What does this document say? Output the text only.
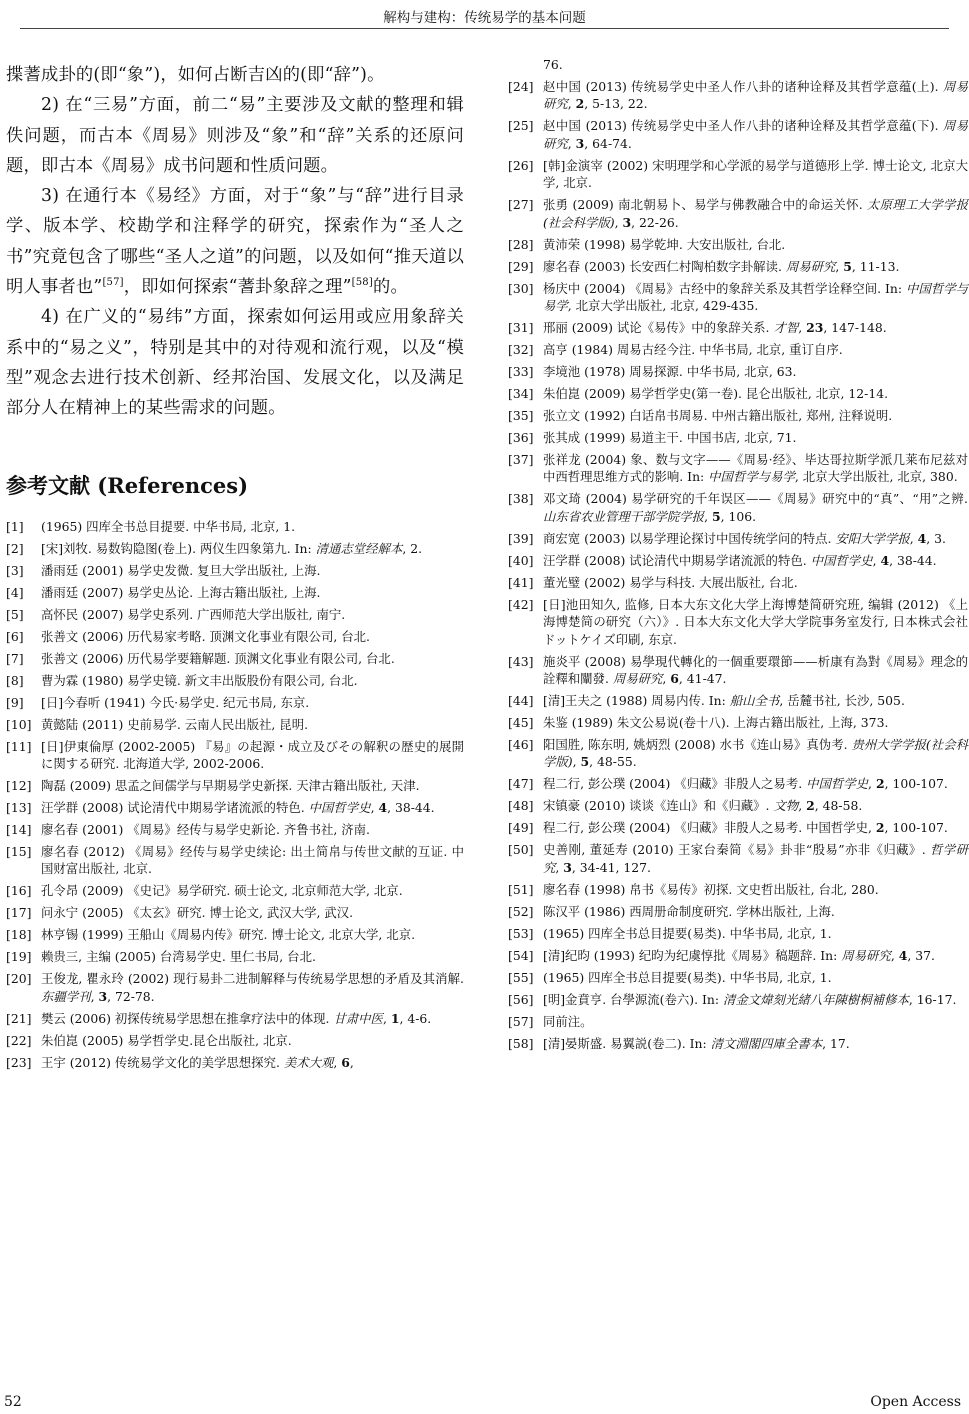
解构与建构：传统易学的基本问题

揲蓍成卦的(即“象”)，如何占断吉凶的(即“辞”)。

2) 在“三易”方面，前二“易”主要涉及文献的整理和辑佚问题，而古本《周易》则涉及“象”和“辞”关系的还原问题，即古本《周易》成书问题和性质问题。

3) 在通行本《易经》方面，对于“象”与“辞”进行目录学、版本学、校勘学和注释学的研究，探索作为“圣人之书”究竟包含了哪些“圣人之道”的问题，以及如何“推天道以明人事者也”[57]，即如何探索“蓍卦象辞之理”[58]的。

4) 在广义的“易纬”方面，探索如何运用或应用象辞关系中的“易之义”，特别是其中的对待观和流行观，以及“模型”观念去进行技术创新、经邦治国、发展文化，以及满足部分人在精神上的某些需求的问题。

参考文献 (References)
[1]	(1965) 四库全书总目提要. 中华书局, 北京, 1.
[2]	[宋]刘牧. 易数钩隐图(卷上). 两仪生四象第九. In: 清通志堂经解本, 2.
[3]	潘雨廷 (2001) 易学史发微. 复旦大学出版社, 上海.
[4]	潘雨廷 (2007) 易学史丛论. 上海古籍出版社, 上海.
[5]	高怀民 (2007) 易学史系列. 广西师范大学出版社, 南宁.
[6]	张善文 (2006) 历代易家考略. 顶渊文化事业有限公司, 台北.
[7]	张善文 (2006) 历代易学要籍解题. 顶渊文化事业有限公司, 台北.
[8]	曹为霖 (1980) 易学史镜. 新文丰出版股份有限公司, 台北.
[9]	[日]今春听 (1941) 今氏·易学史. 纪元书局, 东京.
[10] 黄懿陆 (2011) 史前易学. 云南人民出版社, 昆明.
[11] [日]伊東倫厚 (2002-2005) 『易』の起源・成立及びその解釈の歴史的展開に関する研究. 北海道大学, 2002-2006.
[12] 陶磊 (2009) 思孟之间儒学与早期易学史新探. 天津古籍出版社, 天津.
[13] 汪学群 (2008) 试论清代中期易学诸流派的特色. 中国哲学史, 4, 38-44.
[14] 廖名春 (2001) 《周易》经传与易学史新论. 齐鲁书社, 济南.
[15] 廖名春 (2012) 《周易》经传与易学史续论: 出土简帛与传世文献的互证. 中国财富出版社, 北京.
[16] 孔令昂 (2009) 《史记》易学研究. 硕士论文, 北京师范大学, 北京.
[17] 问永宁 (2005) 《太玄》研究. 博士论文, 武汉大学, 武汉.
[18] 林亨锡 (1999) 王船山《周易内传》研究. 博士论文, 北京大学, 北京.
[19] 赖贵三, 主编 (2005) 台湾易学史. 里仁书局, 台北.
[20] 王俊龙, 瞿永玲 (2002) 现行易卦二进制解释与传统易学思想的矛盾及其消解. 东疆学刊, 3, 72-78.
[21] 樊云 (2006) 初探传统易学思想在推拿疗法中的体现. 甘肃中医, 1, 4-6.
[22] 朱伯崑 (2005) 易学哲学史.昆仑出版社, 北京.
[23] 王宇 (2012) 传统易学文化的美学思想探究. 美术大观, 6,
76.
[24] 赵中国 (2013) 传统易学史中圣人作八卦的诸种诠释及其哲学意蕴(上). 周易研究, 2, 5-13, 22.
[25] 赵中国 (2013) 传统易学史中圣人作八卦的诸种诠释及其哲学意蕴(下). 周易研究, 3, 64-74.
[26] [韩]金演宰 (2002) 宋明理学和心学派的易学与道德形上学. 博士论文, 北京大学, 北京.
[27] 张勇 (2009) 南北朝易卜、易学与佛教融合中的命运关怀. 太原理工大学学报(社会科学版), 3, 22-26.
[28] 黄沛荣 (1998) 易学乾坤. 大安出版社, 台北.
[29] 廖名春 (2003) 长安西仁村陶柏数字卦解读. 周易研究, 5, 11-13.
[30] 杨庆中 (2004) 《周易》古经中的象辞关系及其哲学诠释空间. In: 中国哲学与易学, 北京大学出版社, 北京, 429-435.
[31] 邢丽 (2009) 试论《易传》中的象辞关系. 才智, 23, 147-148.
[32] 高亨 (1984) 周易古经今注. 中华书局, 北京, 重订自序.
[33] 李境池 (1978) 周易探源. 中华书局, 北京, 63.
[34] 朱伯崑 (2009) 易学哲学史(第一卷). 昆仑出版社, 北京, 12-14.
[35] 张立文 (1992) 白话帛书周易. 中州古籍出版社, 郑州, 注释说明.
[36] 张其成 (1999) 易道主干. 中国书店, 北京, 71.
[37] 张祥龙 (2004) 象、数与文字——《周易·经》、毕达哥拉斯学派几莱布尼兹对中西哲理思维方式的影响. In: 中国哲学与易学, 北京大学出版社, 北京, 380.
[38] 邓文琦 (2004) 易学研究的千年误区——《周易》研究中的“真”、“用”之辨. 山东省农业管理干部学院学报, 5, 106.
[39] 商宏宽 (2003) 以易学理论探讨中国传统学问的特点. 安阳大学学报, 4, 3.
[40] 汪学群 (2008) 试论清代中期易学诸流派的特色. 中国哲学史, 4, 38-44.
[41] 董光璧 (2002) 易学与科技. 大展出版社, 台北.
[42] [日]池田知久, 监修, 日本大东文化大学上海博楚简研究班, 编辑 (2012) 《上海博楚简の研究（六）》. 日本大东文化大学大学院事务室发行, 日本株式会社ドットケイズ印刷, 东京.
[43] 施炎平 (2008) 易學現代轉化的一個重要環節——析康有為對《周易》理念的詮釋和闡發. 周易研究, 6, 41-47.
[44] [清]王夫之 (1988) 周易内传. In: 船山全书, 岳麓书社, 长沙, 505.
[45] 朱鉴 (1989) 朱文公易说(卷十八). 上海古籍出版社, 上海, 373.
[46] 阳国胜, 陈东明, 姚炳烈 (2008) 水书《连山易》真伪考. 贵州大学学报(社会科学版), 5, 48-55.
[47] 程二行, 彭公璞 (2004) 《归藏》非殷人之易考. 中国哲学史, 2, 100-107.
[48] 宋镇豪 (2010) 谈谈《连山》和《归藏》. 文物, 2, 48-58.
[49] 程二行, 彭公璞 (2004) 《归藏》非殷人之易考. 中国哲学史, 2, 100-107.
[50] 史善刚, 董延寿 (2010) 王家台秦简《易》卦非“殷易”亦非《归藏》. 哲学研究, 3, 34-41, 127.
[51] 廖名春 (1998) 帛书《易传》初探. 文史哲出版社, 台北, 280.
[52] 陈汉平 (1986) 西周册命制度研究. 学林出版社, 上海.
[53] (1965) 四库全书总目提要(易类). 中华书局, 北京, 1.
[54] [清]纪昀 (1993) 纪昀为纪虞惇批《周易》稿题辞. In: 周易研究, 4, 37.
[55] (1965) 四库全书总目提要(易类). 中华书局, 北京, 1.
[56] [明]金賁亨. 台學源流(卷六). In: 清金文煒刻光緒八年陳樹桐補修本, 16-17.
[57] 同前注。
[58] [清]晏斯盛. 易翼説(卷二). In: 清文淵閣四庫全書本, 17.
52	Open Access
